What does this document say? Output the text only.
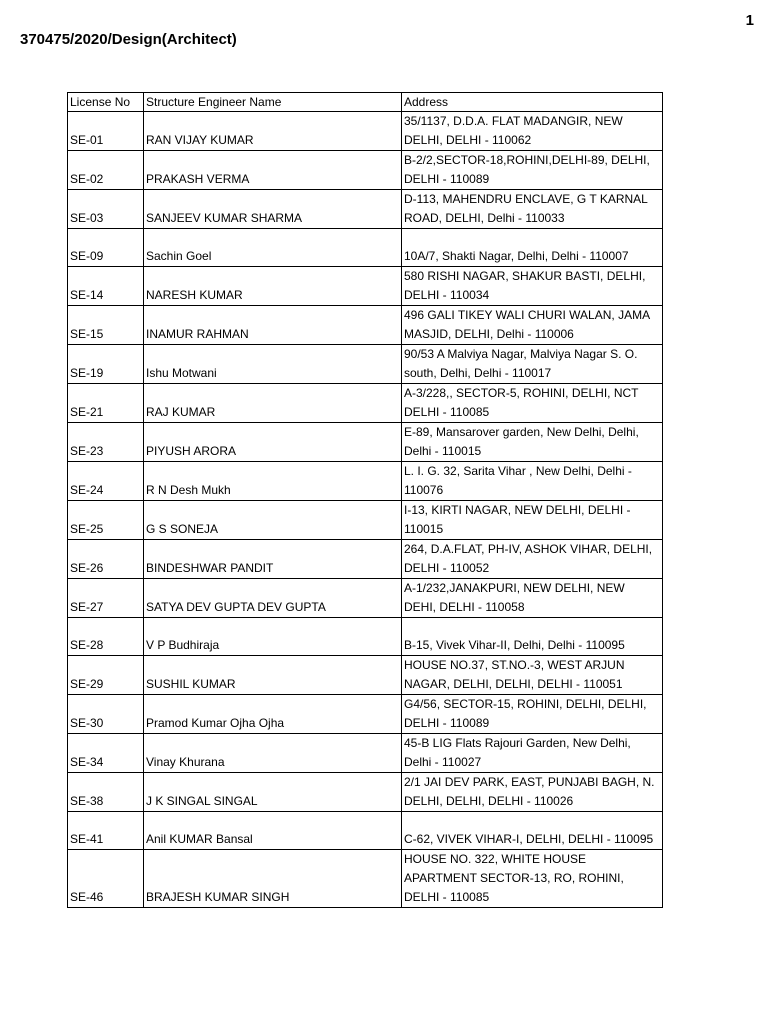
1
370475/2020/Design(Architect)
License No	Structure Engineer Name	Address
SE-01	RAN VIJAY KUMAR	35/1137, D.D.A. FLAT MADANGIR, NEW DELHI, DELHI - 110062
SE-02	PRAKASH VERMA	B-2/2,SECTOR-18,ROHINI,DELHI-89, DELHI, DELHI - 110089
SE-03	SANJEEV KUMAR SHARMA	D-113, MAHENDRU ENCLAVE, G T KARNAL ROAD, DELHI, Delhi - 110033
SE-09	Sachin Goel	10A/7, Shakti Nagar, Delhi, Delhi - 110007
SE-14	NARESH KUMAR	580 RISHI NAGAR, SHAKUR BASTI, DELHI, DELHI - 110034
SE-15	INAMUR RAHMAN	496 GALI TIKEY WALI CHURI WALAN, JAMA MASJID, DELHI, Delhi - 110006
SE-19	Ishu Motwani	90/53 A Malviya Nagar, Malviya Nagar S. O. south, Delhi, Delhi - 110017
SE-21	RAJ KUMAR	A-3/228,, SECTOR-5, ROHINI, DELHI, NCT DELHI - 110085
SE-23	PIYUSH ARORA	E-89, Mansarover garden, New Delhi, Delhi, Delhi - 110015
SE-24	R N Desh Mukh	L. I. G. 32, Sarita Vihar , New Delhi, Delhi - 110076
SE-25	G S SONEJA	I-13, KIRTI NAGAR, NEW DELHI, DELHI - 110015
SE-26	BINDESHWAR PANDIT	264, D.A.FLAT, PH-IV, ASHOK VIHAR, DELHI, DELHI - 110052
SE-27	SATYA DEV GUPTA DEV GUPTA	A-1/232,JANAKPURI, NEW DELHI, NEW DEHI, DELHI - 110058
SE-28	V P Budhiraja	B-15, Vivek Vihar-II, Delhi, Delhi - 110095
SE-29	SUSHIL KUMAR	HOUSE NO.37, ST.NO.-3, WEST ARJUN NAGAR, DELHI, DELHI, DELHI - 110051
SE-30	Pramod Kumar Ojha Ojha	G4/56, SECTOR-15, ROHINI, DELHI, DELHI, DELHI - 110089
SE-34	Vinay Khurana	45-B LIG Flats Rajouri Garden, New Delhi, Delhi - 110027
SE-38	J K SINGAL SINGAL	2/1 JAI DEV PARK, EAST, PUNJABI BAGH, N. DELHI, DELHI, DELHI - 110026
SE-41	Anil KUMAR Bansal	C-62, VIVEK VIHAR-I, DELHI, DELHI - 110095
SE-46	BRAJESH KUMAR SINGH	HOUSE NO. 322, WHITE HOUSE APARTMENT SECTOR-13, RO, ROHINI, DELHI - 110085
